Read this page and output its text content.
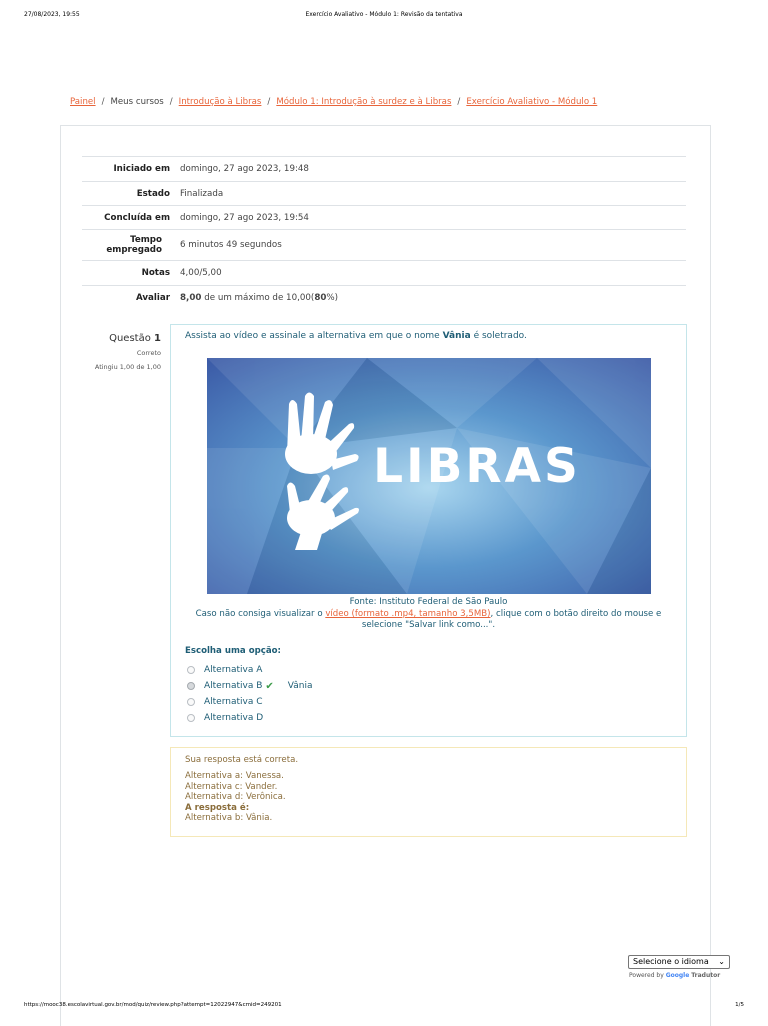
27/08/2023, 19:55	Exercício Avaliativo - Módulo 1: Revisão da tentativa
Painel / Meus cursos / Introdução à Libras / Módulo 1: Introdução à surdez e à Libras / Exercício Avaliativo - Módulo 1
Iniciado em	domingo, 27 ago 2023, 19:48
Estado	Finalizada
Concluída em	domingo, 27 ago 2023, 19:54
Tempo empregado	6 minutos 49 segundos
Notas	4,00/5,00
Avaliar	8,00
de um máximo de 10,00( 80 %)
Questão 1
Correto
Atingiu 1,00 de 1,00
Assista ao vídeo e assinale a alternativa em que o nome Vânia é soletrado.
LIBRAS
Fonte: Instituto Federal de São Paulo
Caso não consiga visualizar o vídeo (formato .mp4, tamanho 3,5MB), clique com o botão direito do mouse e selecione "Salvar link como...".
Escolha uma opção:
Alternativa A
Alternativa B ✔ Vânia
Alternativa C
Alternativa D
Sua resposta está correta.
Alternativa a: Vanessa.
Alternativa c: Vander.
Alternativa d: Verônica.
A resposta é:
Alternativa b: Vânia.
Selecione o idioma ⌄
Powered by Google Tradutor
https://mooc38.escolavirtual.gov.br/mod/quiz/review.php?attempt=12022947&cmid=249201	1/5
